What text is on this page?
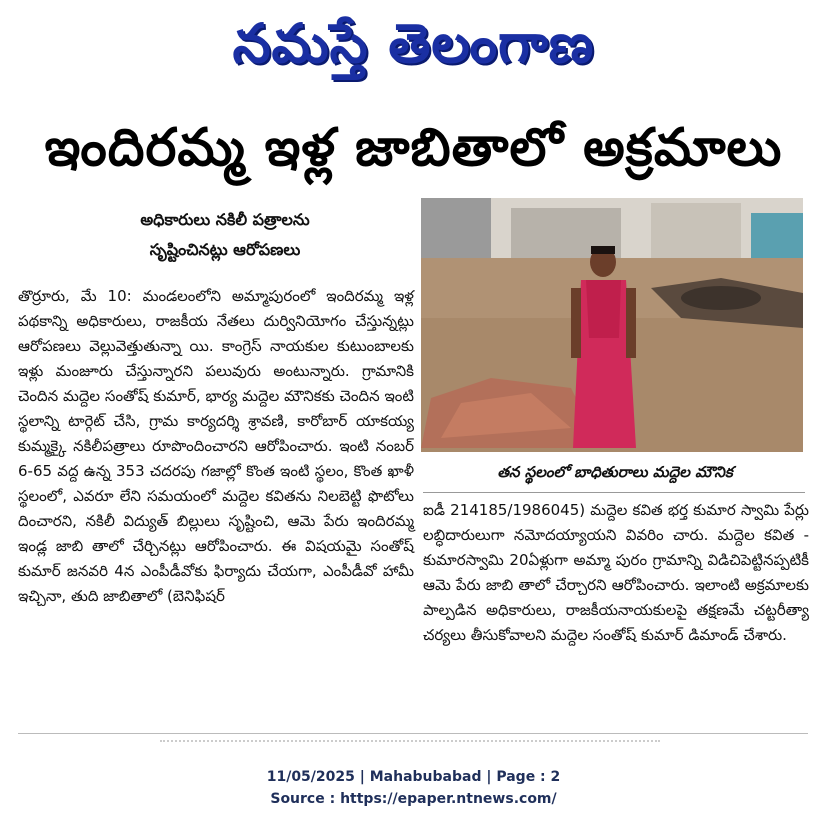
నమస్తే తెలంగాణ
ఇందిరమ్మ ఇళ్ల జాబితాలో అక్రమాలు
అధికారులు నకిలీ పత్రాలను
సృష్టించినట్లు ఆరోపణలు

తొర్రూరు, మే 10: మండలంలోని అమ్మాపురంలో ఇందిరమ్మ ఇళ్ల పథకాన్ని అధికారులు, రాజకీయ నేతలు దుర్వినియోగం చేస్తున్నట్లు ఆరోపణలు వెల్లువెత్తుతున్నా యి. కాంగ్రెస్ నాయకుల కుటుంబాలకు ఇళ్లు మంజూరు చేస్తున్నారని పలువురు అంటున్నారు. గ్రామానికి చెందిన మద్దెల సంతోష్ కుమార్, భార్య మద్దెల మౌనికకు చెందిన ఇంటి స్థలాన్ని టార్గెట్ చేసి, గ్రామ కార్యదర్శి శ్రావణి, కారోబార్ యాకయ్య కుమ్మక్కై నకిలీపత్రాలు రూపొందించారని ఆరోపించారు. ఇంటి నంబర్ 6-65 వద్ద ఉన్న 353 చదరపు గజాల్లో కొంత ఇంటి స్థలం, కొంత ఖాళీ స్థలంలో, ఎవరూ లేని సమయంలో మద్దెల కవితను నిలబెట్టి ఫొటోలు దించారని, నకిలీ విద్యుత్ బిల్లులు సృష్టించి, ఆమె పేరు ఇందిరమ్మ ఇండ్ల జాబి తాలో చేర్చినట్లు ఆరోపించారు. ఈ విషయమై సంతోష్ కుమార్ జనవరి 4న ఎంపీడీవోకు ఫిర్యాదు చేయగా, ఎంపీడీవో హామీ ఇచ్చినా, తుది జాబితాలో (బెనిఫిషర్

తన స్థలంలో బాధితురాలు మద్దెల మౌనిక

ఐడీ 214185/1986045) మద్దెల కవిత భర్త కుమార స్వామి పేర్లు లబ్ధిదారులుగా నమోదయ్యాయని వివరిం చారు. మద్దెల కవిత - కుమారస్వామి 20ఏళ్లుగా అమ్మా పురం గ్రామాన్ని విడిచిపెట్టినప్పటికీ ఆమె పేరు జాబి తాలో చేర్చారని ఆరోపించారు. ఇలాంటి అక్రమాలకు పాల్పడిన అధికారులు, రాజకీయనాయకులపై తక్షణమే చట్టరీత్యా చర్యలు తీసుకోవాలని మద్దెల సంతోష్ కుమార్ డిమాండ్ చేశారు.

11/05/2025 | Mahabubabad | Page : 2
Source : https://epaper.ntnews.com/
